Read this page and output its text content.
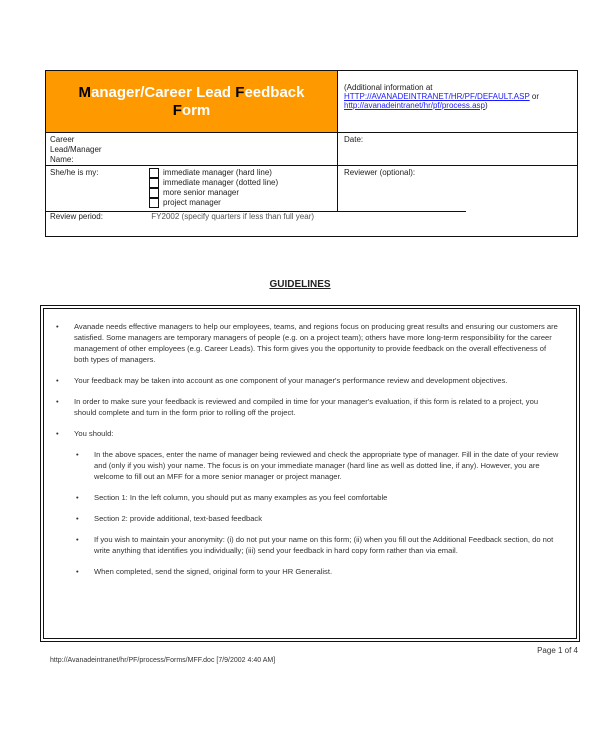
Manager/Career Lead Feedback
Form
(Additional information at
HTTP://AVANADEINTRANET/HR/PF/DEFAULT.ASP or
http://avanadeintranet/hr/pf/process.asp)
Career Lead/Manager Name:
Date:
She/he is my:	immediate manager (hard line)
immediate manager (dotted line)
more senior manager
project manager
Reviewer (optional):
Review period:	FY2002 (specify quarters if less than full year)
GUIDELINES
•	Avanade needs effective managers to help our employees, teams, and regions focus on producing great results and ensuring our customers are satisfied. Some managers are temporary managers of people (e.g. on a project team); others have more long-term responsibility for the career management of other employees (e.g. Career Leads). This form gives you the opportunity to provide feedback on the overall effectiveness of both types of managers.
•	Your feedback may be taken into account as one component of your manager's performance review and development objectives.
•	In order to make sure your feedback is reviewed and compiled in time for your manager's evaluation, if this form is related to a project, you should complete and turn in the form prior to rolling off the project.
•	You should:
•	In the above spaces, enter the name of manager being reviewed and check the appropriate type of manager. Fill in the date of your review and (only if you wish) your name. The focus is on your immediate manager (hard line as well as dotted line, if any). However, you are welcome to fill out an MFF for a more senior manager or project manager.
•	Section 1: In the left column, you should put as many examples as you feel comfortable
•	Section 2: provide additional, text-based feedback
•	If you wish to maintain your anonymity: (i) do not put your name on this form; (ii) when you fill out the Additional Feedback section, do not write anything that identifies you individually; (iii) send your feedback in hard copy form rather than via email.
•	When completed, send the signed, original form to your HR Generalist.
Page 1 of 4
http://Avanadeintranet/hr/PF/process/Forms/MFF.doc [7/9/2002 4:40 AM]
